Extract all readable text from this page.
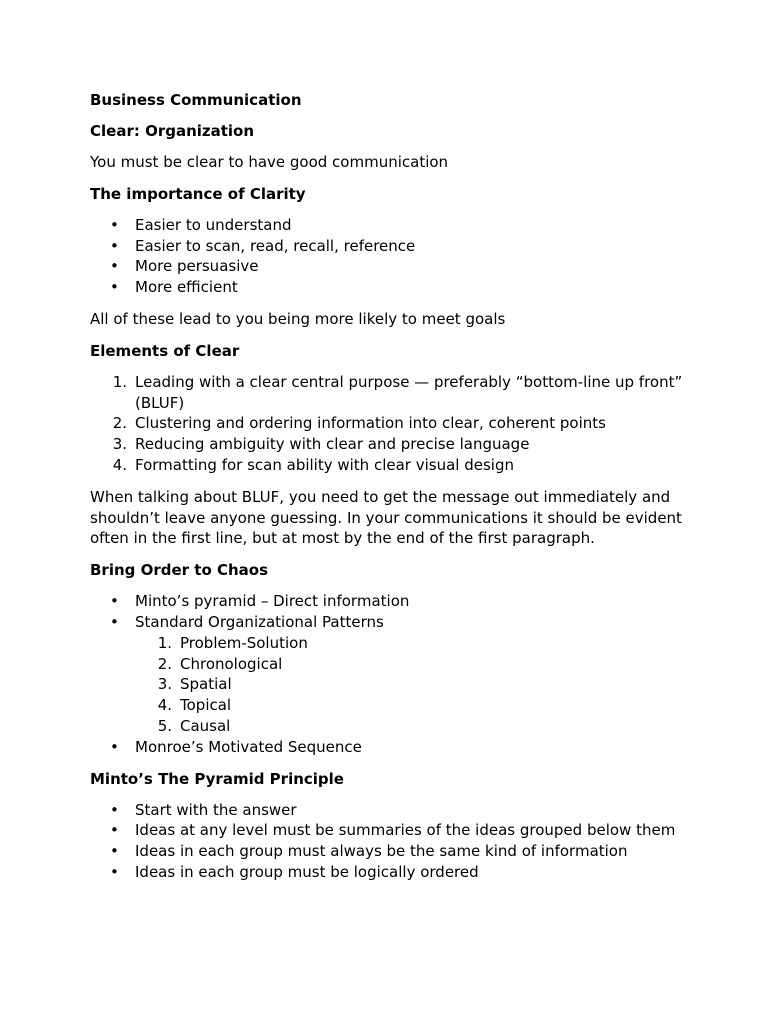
Business Communication
Clear: Organization
You must be clear to have good communication
The importance of Clarity
• Easier to understand
• Easier to scan, read, recall, reference
• More persuasive
• More efficient
All of these lead to you being more likely to meet goals
Elements of Clear
1. Leading with a clear central purpose — preferably “bottom-line up front” (BLUF)
2. Clustering and ordering information into clear, coherent points
3. Reducing ambiguity with clear and precise language
4. Formatting for scan ability with clear visual design
When talking about BLUF, you need to get the message out immediately and shouldn’t leave anyone guessing. In your communications it should be evident often in the first line, but at most by the end of the first paragraph.
Bring Order to Chaos
• Minto’s pyramid – Direct information
• Standard Organizational Patterns
1. Problem-Solution
2. Chronological
3. Spatial
4. Topical
5. Causal
• Monroe’s Motivated Sequence
Minto’s The Pyramid Principle
• Start with the answer
• Ideas at any level must be summaries of the ideas grouped below them
• Ideas in each group must always be the same kind of information
• Ideas in each group must be logically ordered
